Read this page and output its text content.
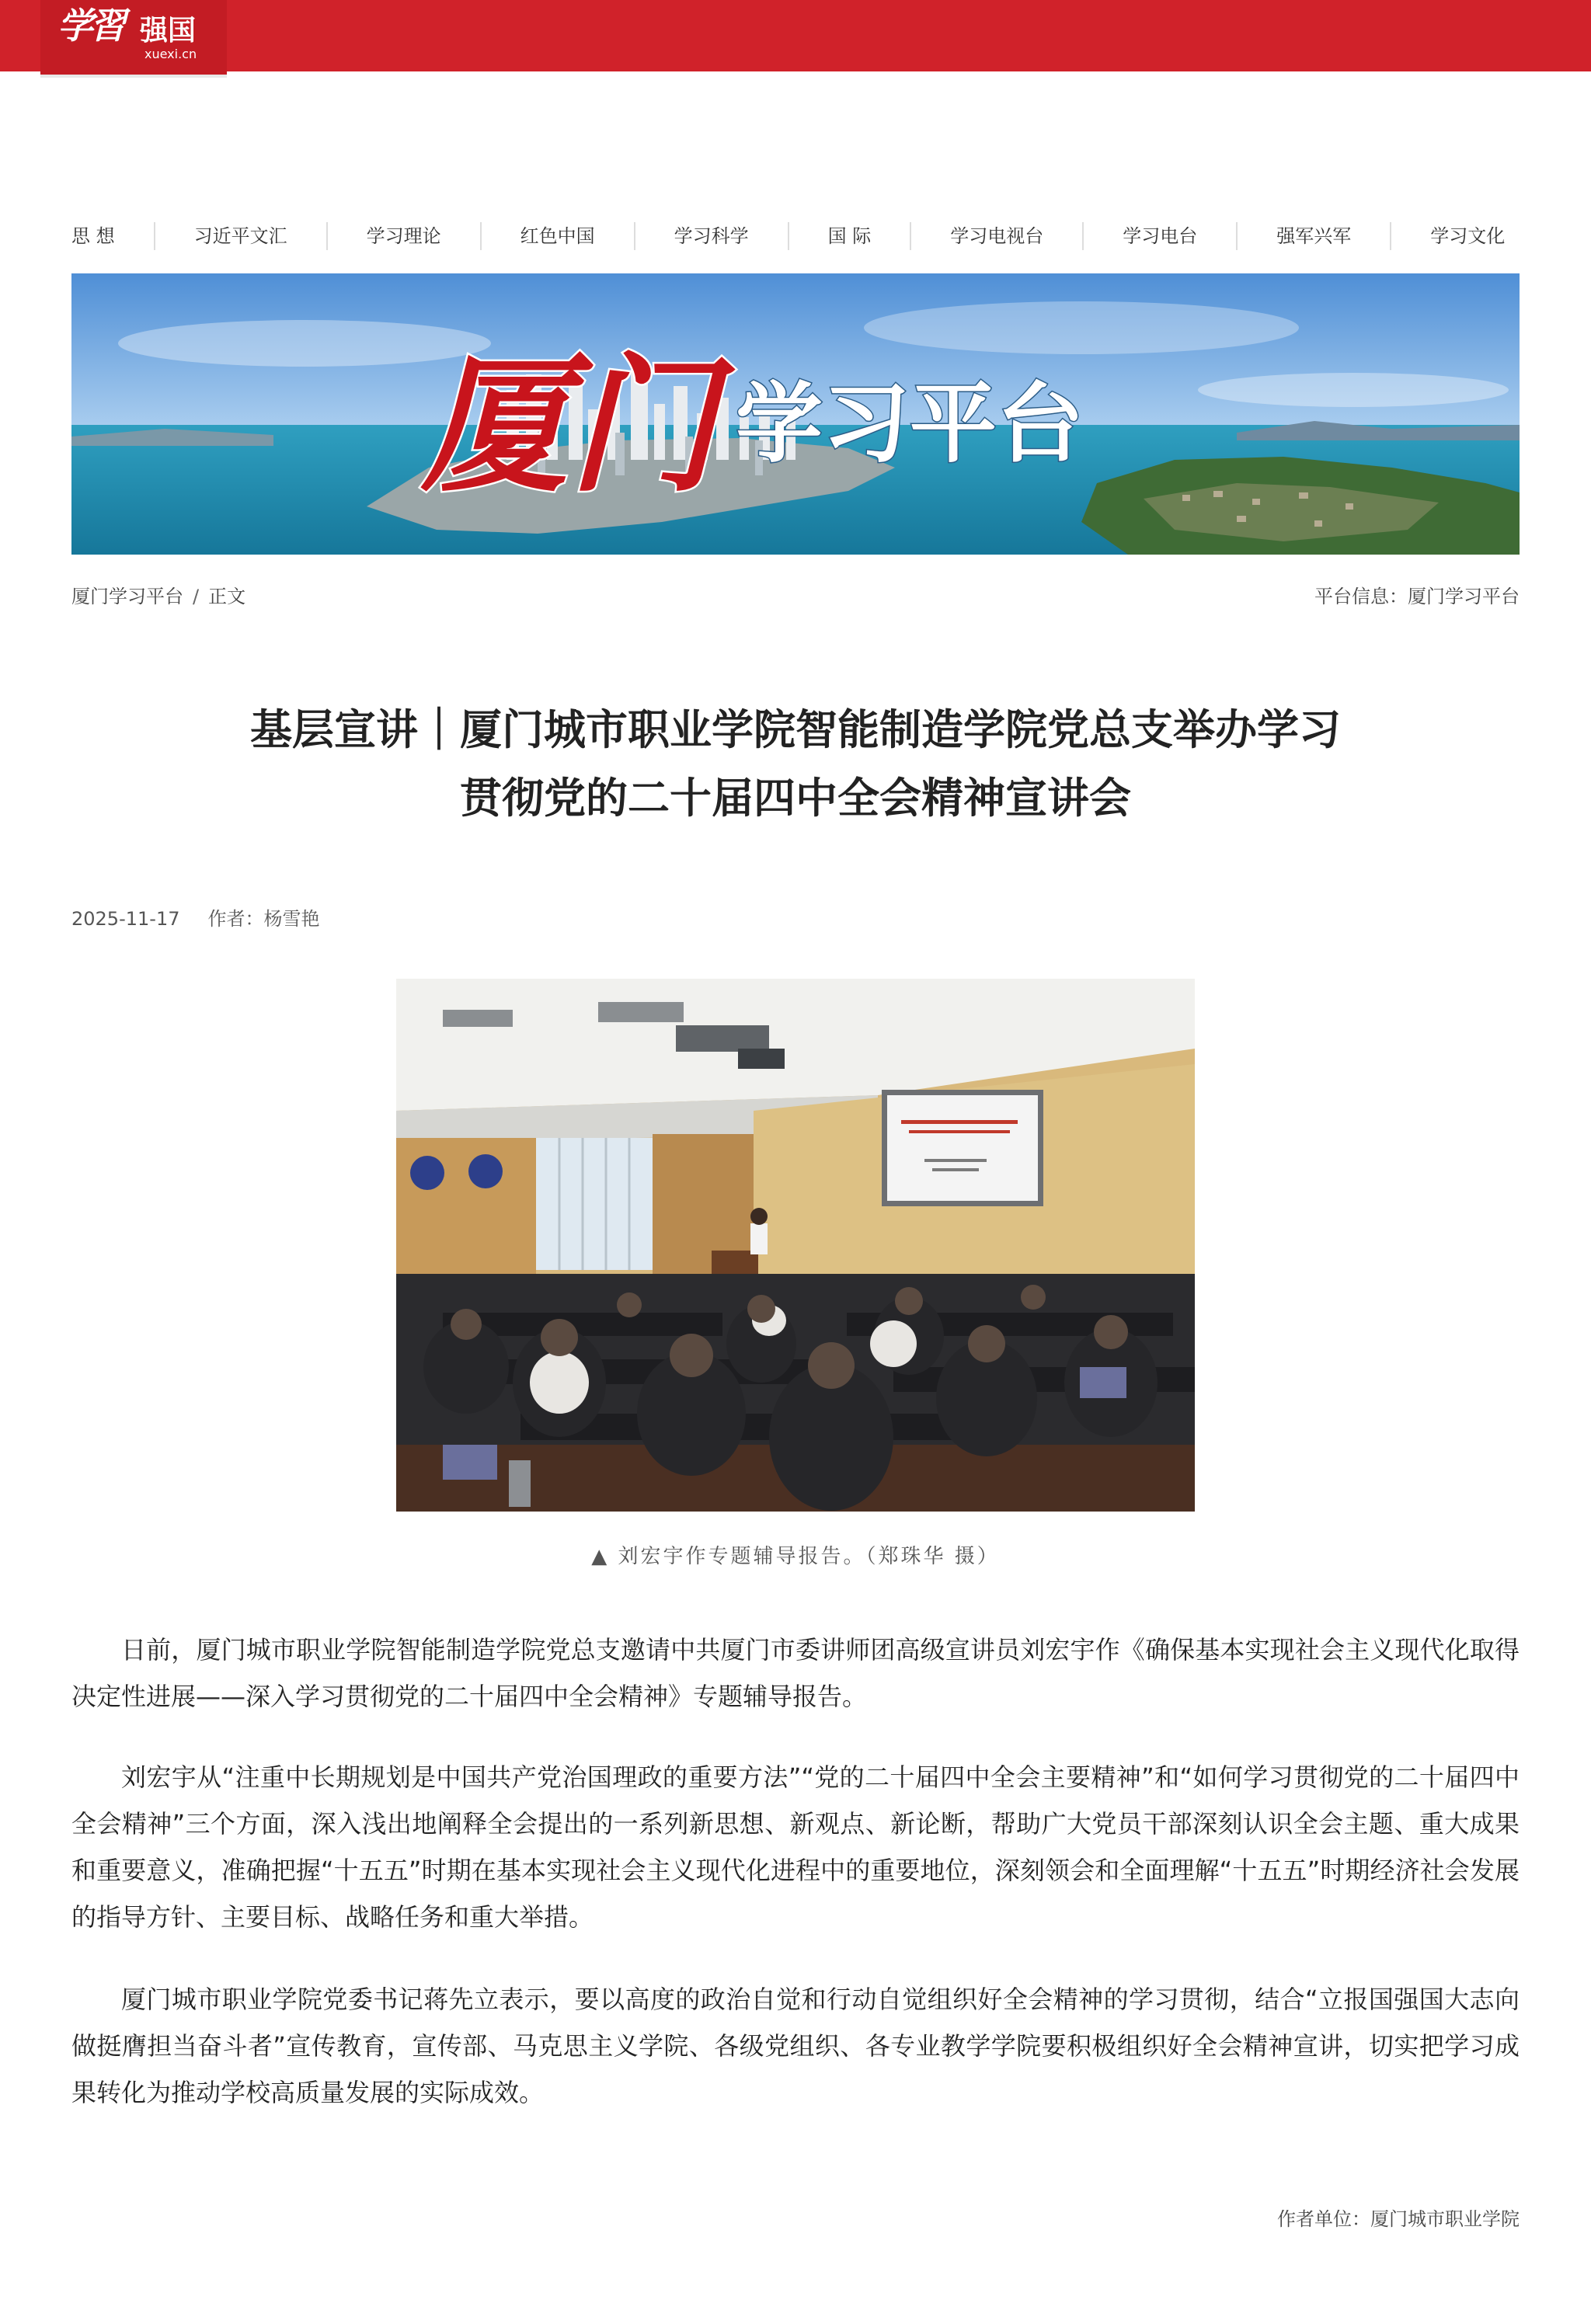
学習 强国
xuexi.cn
思 想	习近平文汇	学习理论	红色中国	学习科学	国 际	学习电视台	学习电台	强军兴军	学习文化
厦门 学习平台
厦门学习平台 / 正文	平台信息：厦门学习平台
基层宣讲｜厦门城市职业学院智能制造学院党总支举办学习
贯彻党的二十届四中全会精神宣讲会
2025-11-17 作者：杨雪艳
▲ 刘宏宇作专题辅导报告。（郑珠华 摄）

日前，厦门城市职业学院智能制造学院党总支邀请中共厦门市委讲师团高级宣讲员刘宏宇作《确保基本实现社会主义现代化取得决定性进展——深入学习贯彻党的二十届四中全会精神》专题辅导报告。

刘宏宇从“注重中长期规划是中国共产党治国理政的重要方法”“党的二十届四中全会主要精神”和“如何学习贯彻党的二十届四中全会精神”三个方面，深入浅出地阐释全会提出的一系列新思想、新观点、新论断，帮助广大党员干部深刻认识全会主题、重大成果和重要意义，准确把握“十五五”时期在基本实现社会主义现代化进程中的重要地位，深刻领会和全面理解“十五五”时期经济社会发展的指导方针、主要目标、战略任务和重大举措。

厦门城市职业学院党委书记蒋先立表示，要以高度的政治自觉和行动自觉组织好全会精神的学习贯彻，结合“立报国强国大志向 做挺膺担当奋斗者”宣传教育，宣传部、马克思主义学院、各级党组织、各专业教学学院要积极组织好全会精神宣讲，切实把学习成果转化为推动学校高质量发展的实际成效。

作者单位：厦门城市职业学院
